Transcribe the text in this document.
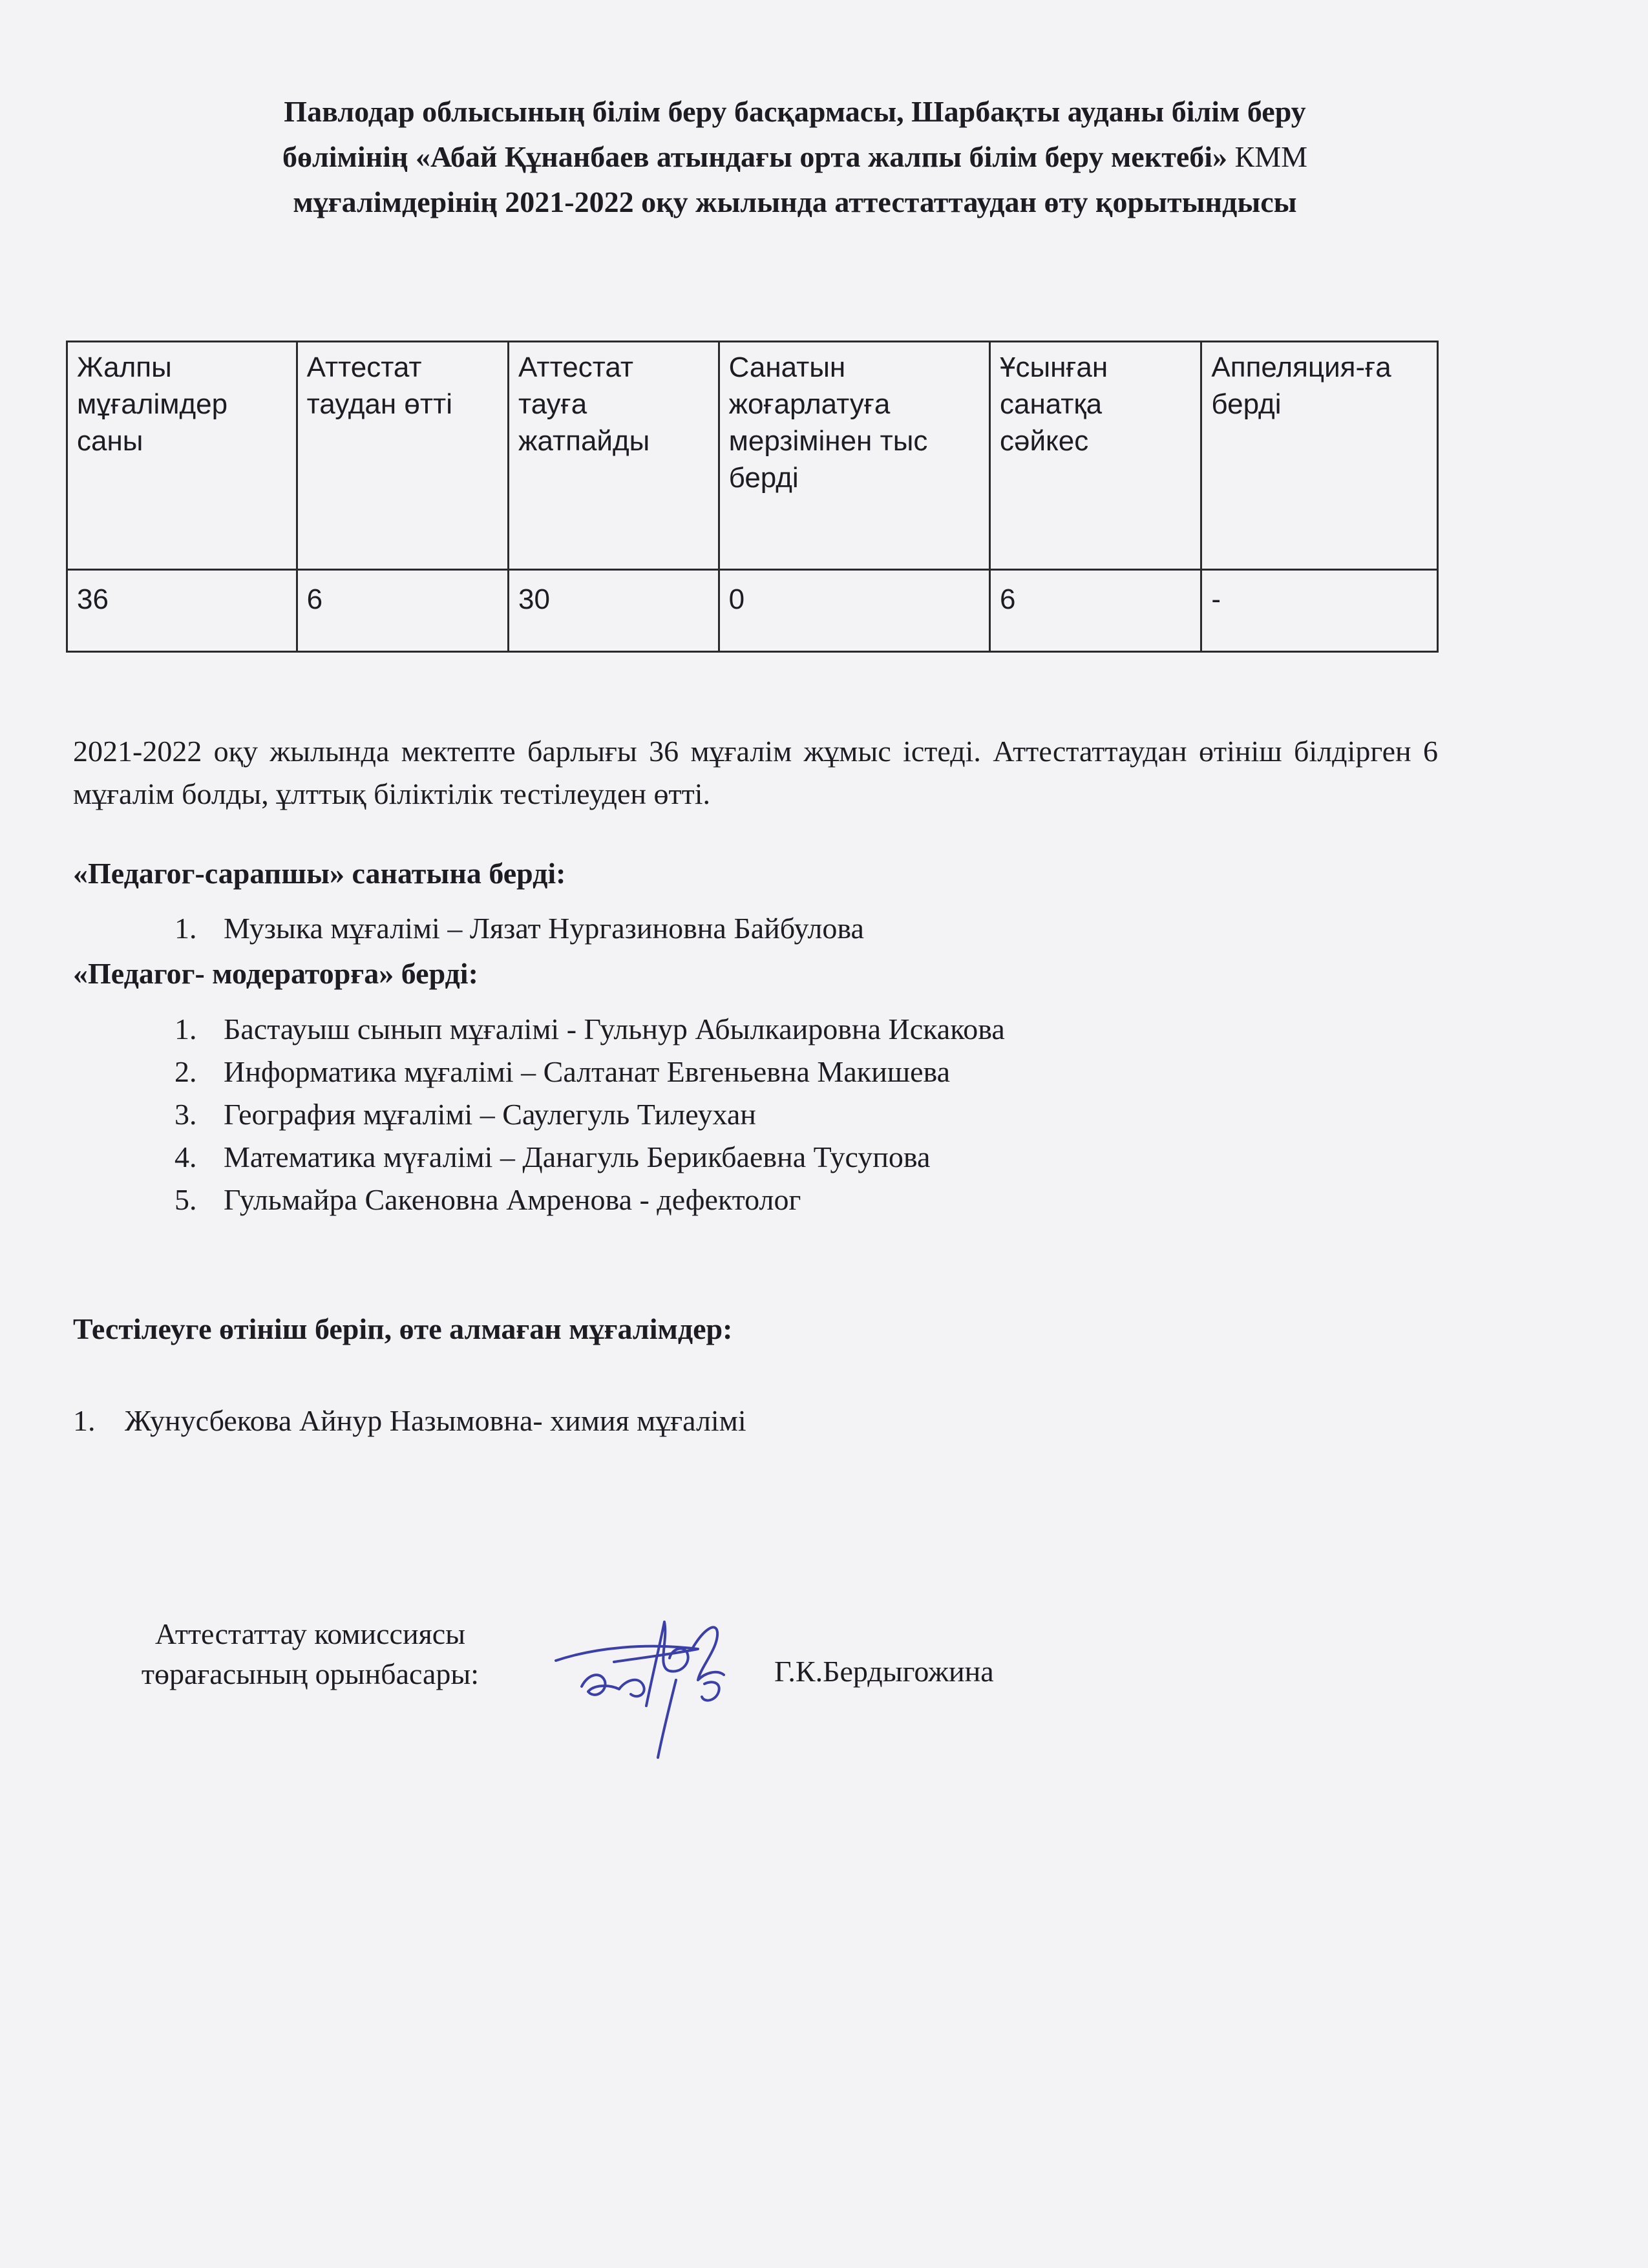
Павлодар облысының білім беру басқармасы, Шарбақты ауданы білім беру
бөлімінің «Абай Құнанбаев атындағы орта жалпы білім беру мектебі» КММ
мұғалімдерінің 2021-2022 оқу жылында аттестаттаудан өту қорытындысы
Жалпы мұғалімдер саны	Аттестат таудан өтті	Аттестат тауға жатпайды	Санатын жоғарлатуға мерзімінен тыс берді	Ұсынған санатқа сәйкес	Аппеляция-ға берді
36	6	30	0	6	-
2021-2022 оқу жылында мектепте барлығы 36 мұғалім жұмыс істеді. Аттестаттаудан өтініш білдірген 6 мұғалім болды, ұлттық біліктілік тестілеуден өтті.
«Педагог-сарапшы» санатына берді:
1. Музыка мұғалімі – Лязат Нургазиновна Байбулова
«Педагог- модераторға» берді:
1. Бастауыш сынып мұғалімі - Гульнур Абылкаировна Искакова
2. Информатика мұғалімі – Салтанат Евгеньевна Макишева
3. География мұғалімі – Саулегуль Тилеухан
4. Математика мүғалімі – Данагуль Берикбаевна Тусупова
5. Гульмайра Сакеновна Амренова - дефектолог
Тестілеуге өтініш беріп, өте алмаған мұғалімдер:
1. Жунусбекова Айнур Назымовна- химия мұғалімі
Аттестаттау комиссиясы
төрағасының орынбасары:	Г.К.Бердыгожина
